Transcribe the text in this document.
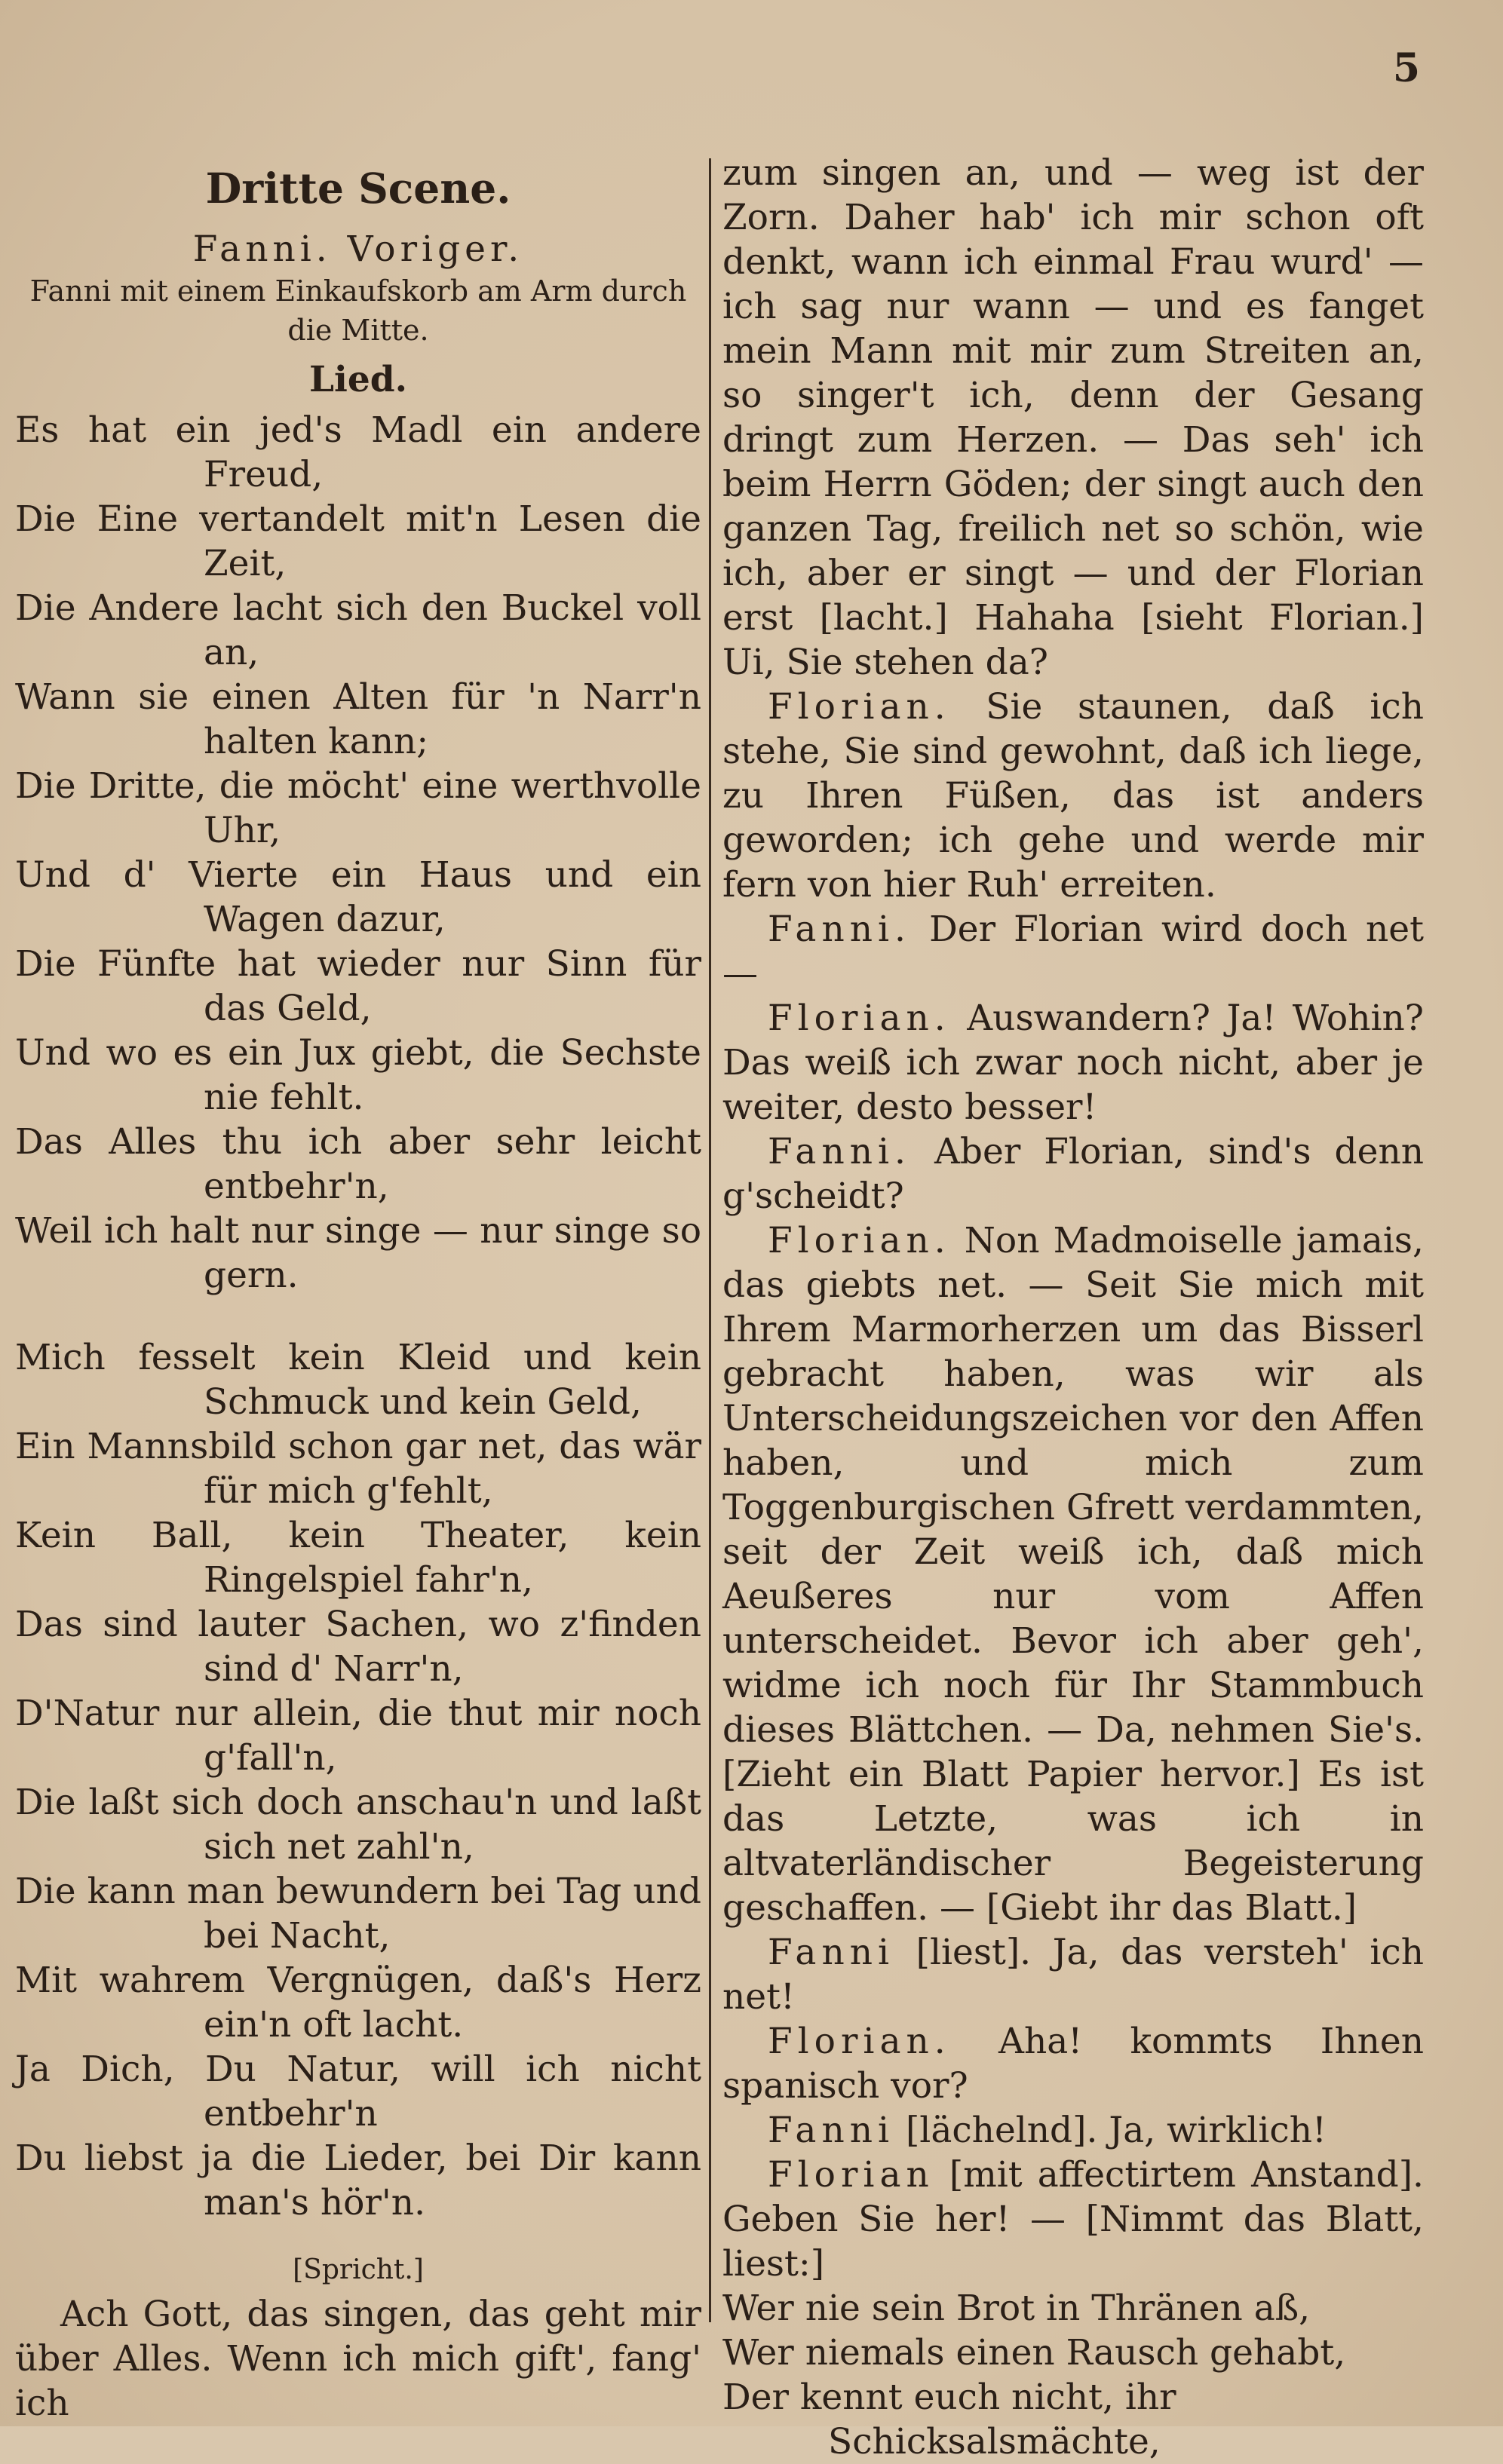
5
Dritte Scene.
Fanni. Voriger.
Fanni mit einem Einkaufskorb am Arm durch die Mitte.
Lied.
Es hat ein jed's Madl ein andere Freud,
Die Eine vertandelt mit'n Lesen die Zeit,
Die Andere lacht sich den Buckel voll an,
Wann sie einen Alten für 'n Narr'n halten kann;
Die Dritte, die möcht' eine werthvolle Uhr,
Und d' Vierte ein Haus und ein Wagen dazur,
Die Fünfte hat wieder nur Sinn für das Geld,
Und wo es ein Jux giebt, die Sechste nie fehlt.
Das Alles thu ich aber sehr leicht entbehr'n,
Weil ich halt nur singe — nur singe so gern.
Mich fesselt kein Kleid und kein Schmuck und kein Geld,
Ein Mannsbild schon gar net, das wär für mich g'fehlt,
Kein Ball, kein Theater, kein Ringelspiel fahr'n,
Das sind lauter Sachen, wo z'finden sind d' Narr'n,
D'Natur nur allein, die thut mir noch g'fall'n,
Die laßt sich doch anschau'n und laßt sich net zahl'n,
Die kann man bewundern bei Tag und bei Nacht,
Mit wahrem Vergnügen, daß's Herz ein'n oft lacht.
Ja Dich, Du Natur, will ich nicht entbehr'n
Du liebst ja die Lieder, bei Dir kann man's hör'n.
[Spricht.]
Ach Gott, das singen, das geht mir über Alles. Wenn ich mich gift', fang' ich
zum singen an, und — weg ist der Zorn. Daher hab' ich mir schon oft denkt, wann ich einmal Frau wurd' — ich sag nur wann — und es fanget mein Mann mit mir zum Streiten an, so singer't ich, denn der Gesang dringt zum Herzen. — Das seh' ich beim Herrn Göden; der singt auch den ganzen Tag, freilich net so schön, wie ich, aber er singt — und der Florian erst [lacht.] Hahaha [sieht Florian.] Ui, Sie stehen da?
Florian. Sie staunen, daß ich stehe, Sie sind gewohnt, daß ich liege, zu Ihren Füßen, das ist anders geworden; ich gehe und werde mir fern von hier Ruh' erreiten.
Fanni. Der Florian wird doch net —
Florian. Auswandern? Ja! Wohin? Das weiß ich zwar noch nicht, aber je weiter, desto besser!
Fanni. Aber Florian, sind's denn g'scheidt?
Florian. Non Madmoiselle jamais, das giebts net. — Seit Sie mich mit Ihrem Marmorherzen um das Bisserl gebracht haben, was wir als Unterscheidungszeichen vor den Affen haben, und mich zum Toggenburgischen Gfrett verdammten, seit der Zeit weiß ich, daß mich Aeußeres nur vom Affen unterscheidet. Bevor ich aber geh', widme ich noch für Ihr Stammbuch dieses Blättchen. — Da, nehmen Sie's. [Zieht ein Blatt Papier hervor.] Es ist das Letzte, was ich in altvaterländischer Begeisterung geschaffen. — [Giebt ihr das Blatt.]
Fanni [liest]. Ja, das versteh' ich net!
Florian. Aha! kommts Ihnen spanisch vor?
Fanni [lächelnd]. Ja, wirklich!
Florian [mit affectirtem Anstand]. Geben Sie her! — [Nimmt das Blatt, liest:]
Wer nie sein Brot in Thränen aß,
Wer niemals einen Rausch gehabt,
Der kennt euch nicht, ihr Schicksalsmächte,
